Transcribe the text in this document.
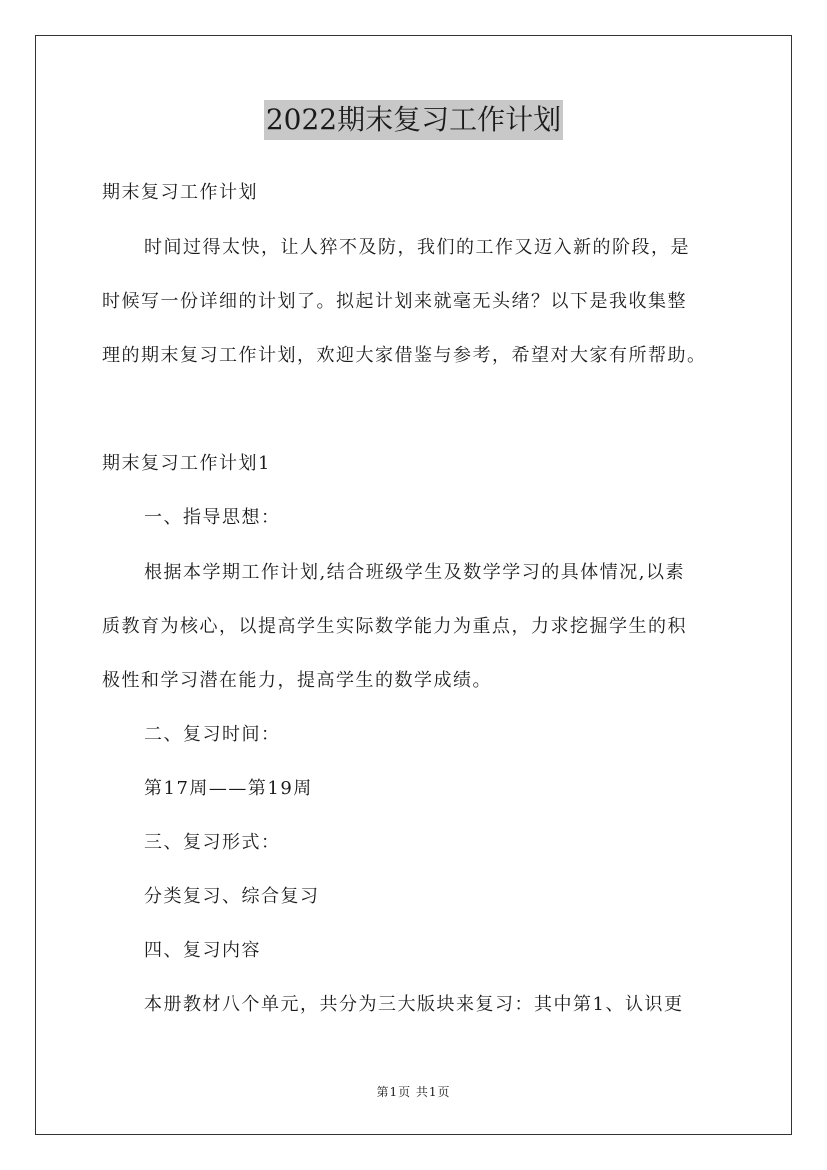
2022期末复习工作计划
期末复习工作计划
时间过得太快，让人猝不及防，我们的工作又迈入新的阶段，是
时候写一份详细的计划了。拟起计划来就毫无头绪？以下是我收集整
理的期末复习工作计划，欢迎大家借鉴与参考，希望对大家有所帮助。
期末复习工作计划1
一、指导思想：
根据本学期工作计划,结合班级学生及数学学习的具体情况,以素
质教育为核心，以提高学生实际数学能力为重点，力求挖掘学生的积
极性和学习潜在能力，提高学生的数学成绩。
二、复习时间：
第17周——第19周
三、复习形式：
分类复习、综合复习
四、复习内容
本册教材八个单元，共分为三大版块来复习：其中第1、认识更
第1页 共1页
